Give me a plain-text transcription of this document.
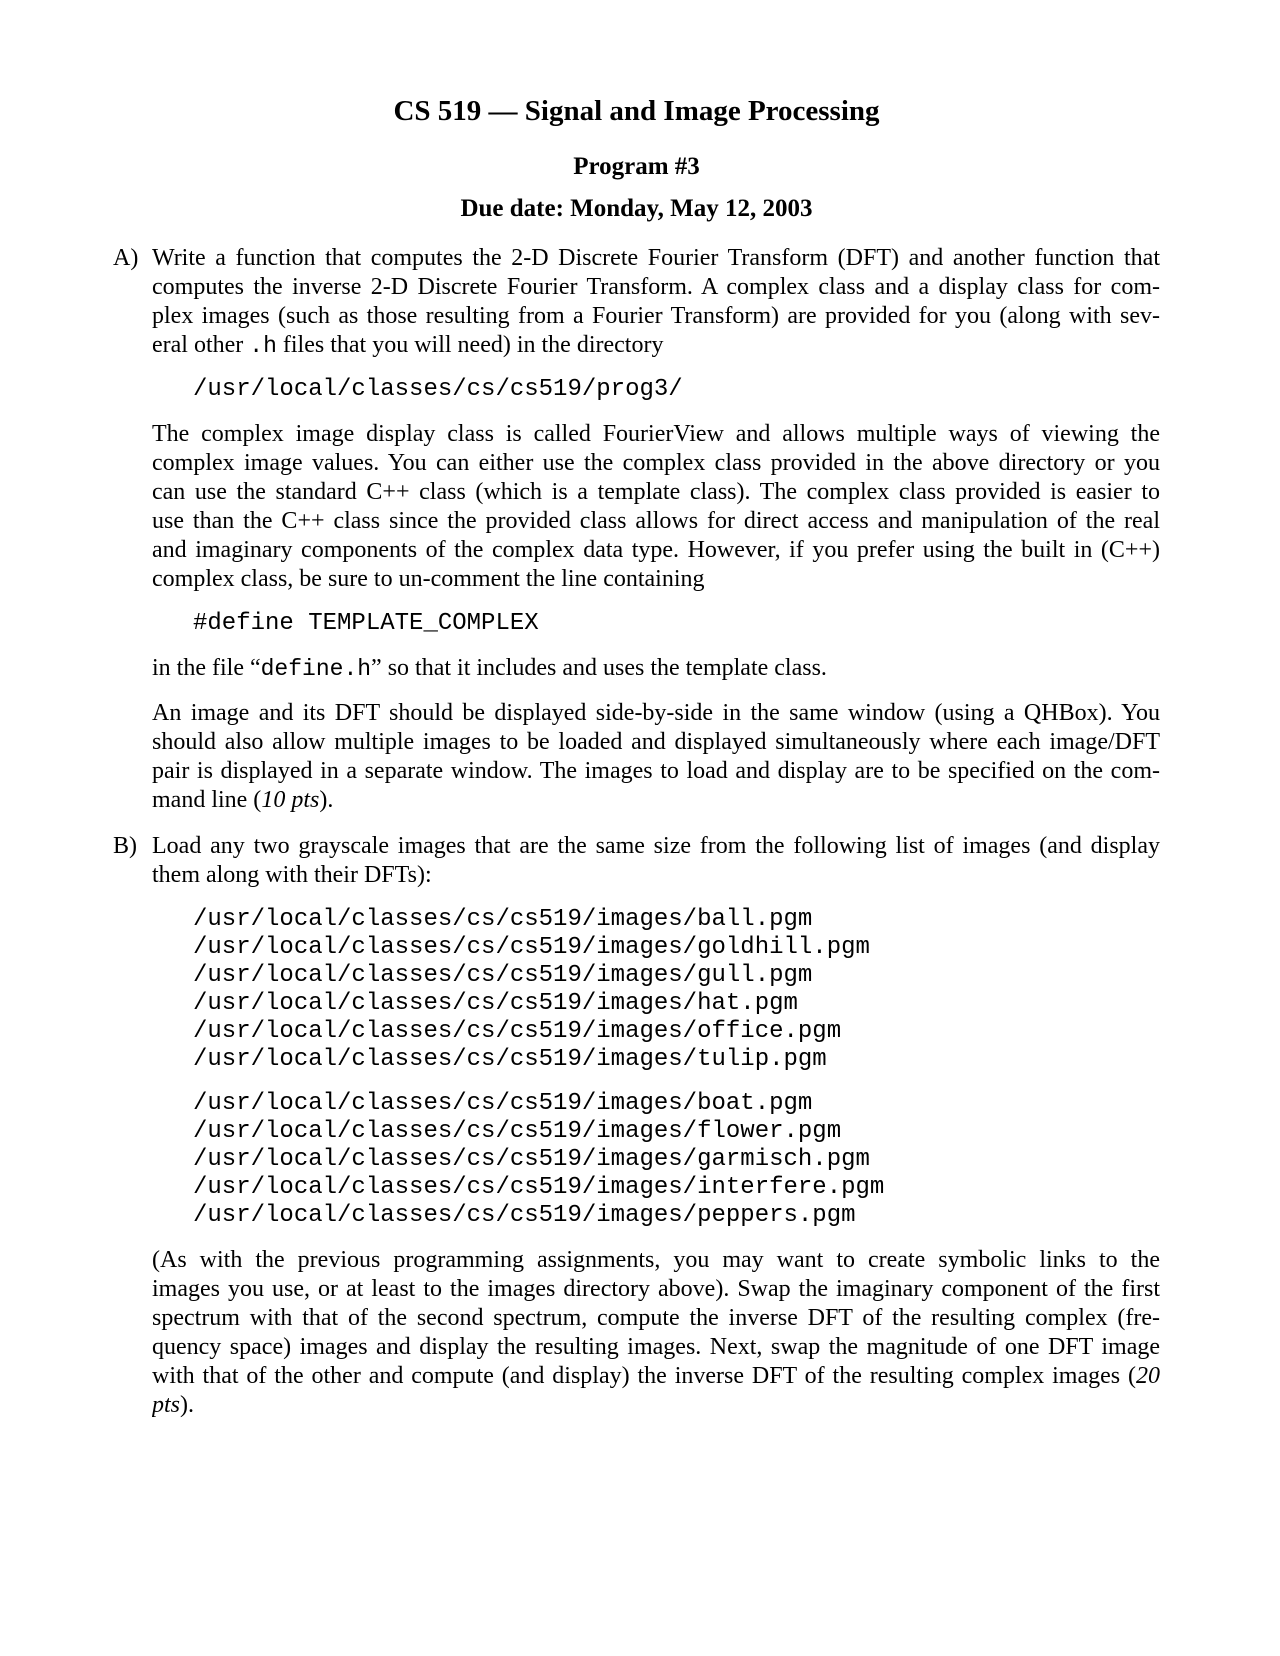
CS 519 — Signal and Image Processing
Program #3
Due date: Monday, May 12, 2003
A) Write a function that computes the 2-D Discrete Fourier Transform (DFT) and another function that
computes the inverse 2-D Discrete Fourier Transform. A complex class and a display class for com-
plex images (such as those resulting from a Fourier Transform) are provided for you (along with sev-
eral other .h files that you will need) in the directory
/usr/local/classes/cs/cs519/prog3/
The complex image display class is called FourierView and allows multiple ways of viewing the
complex image values. You can either use the complex class provided in the above directory or you
can use the standard C++ class (which is a template class). The complex class provided is easier to
use than the C++ class since the provided class allows for direct access and manipulation of the real
and imaginary components of the complex data type. However, if you prefer using the built in (C++)
complex class, be sure to un-comment the line containing
#define TEMPLATE_COMPLEX
in the file “define.h” so that it includes and uses the template class.
An image and its DFT should be displayed side-by-side in the same window (using a QHBox). You
should also allow multiple images to be loaded and displayed simultaneously where each image/DFT
pair is displayed in a separate window. The images to load and display are to be specified on the com-
mand line (10 pts).
B) Load any two grayscale images that are the same size from the following list of images (and display
them along with their DFTs):
/usr/local/classes/cs/cs519/images/ball.pgm
/usr/local/classes/cs/cs519/images/goldhill.pgm
/usr/local/classes/cs/cs519/images/gull.pgm
/usr/local/classes/cs/cs519/images/hat.pgm
/usr/local/classes/cs/cs519/images/office.pgm
/usr/local/classes/cs/cs519/images/tulip.pgm
/usr/local/classes/cs/cs519/images/boat.pgm
/usr/local/classes/cs/cs519/images/flower.pgm
/usr/local/classes/cs/cs519/images/garmisch.pgm
/usr/local/classes/cs/cs519/images/interfere.pgm
/usr/local/classes/cs/cs519/images/peppers.pgm
(As with the previous programming assignments, you may want to create symbolic links to the
images you use, or at least to the images directory above). Swap the imaginary component of the first
spectrum with that of the second spectrum, compute the inverse DFT of the resulting complex (fre-
quency space) images and display the resulting images. Next, swap the magnitude of one DFT image
with that of the other and compute (and display) the inverse DFT of the resulting complex images (20
pts).
